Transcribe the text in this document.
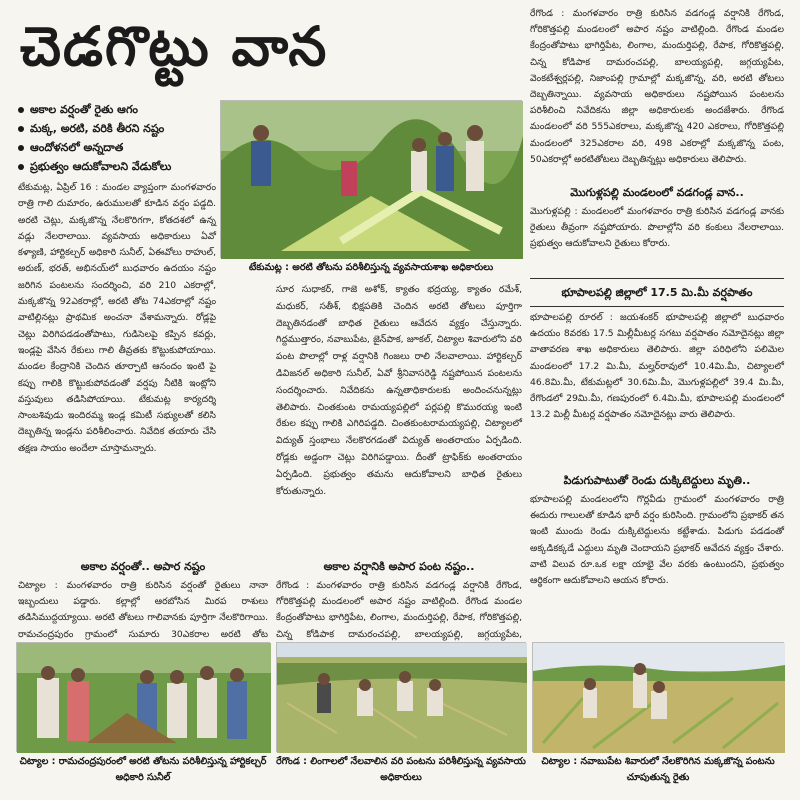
చెడగొట్టు వాన
అకాల వర్షంతో రైతు ఆగం
మక్క, అరటి, వరికి తీరని నష్టం
ఆందోళనలో అన్నదాత
ప్రభుత్వం ఆదుకోవాలని వేడుకోలు
టేకుమట్ల : అరటి తోటను పరిశీలిస్తున్న వ్యవసాయశాఖ అధికారులు
టేకుమట్ల, ఏప్రిల్ 16 : మండల వ్యాప్తంగా మంగళవారం రాత్రి గాలి దుమారం, ఉరుములతో కూడిన వర్షం పడ్డది. అరటి చెట్లు, మక్కజొన్న నేలకొరిగగా, కోతదశలో ఉన్న వడ్లు నేలరాలాయి. వ్యవసాయ అధికారులు ఏవో కళ్యాణి, హార్టికల్చర్ అధికారి సునీల్, ఏఈవోలు రాహుల్, అరుణ్, భరత్, అభినయ్‌లో బుధవారం ఉదయం నష్టం జరిగిన పంటలను సందర్శించి, వరి 210 ఎకరాల్లో, మక్కజొన్న 92ఎకరాల్లో, అరటి తోట 74ఎకరాల్లో నష్టం వాటిల్లినట్లు ప్రాథమిక అంచనా వేశామన్నారు. రోడ్లపై చెట్లు విరిగిపడడంతోపాటు, గుడిసెలపై కప్పిన కవర్లు, ఇండ్లపై వేసిన రేకులు గాలి తీవ్రతకు కొట్టుకుపోయాయి. మండల కేంద్రానికి చెందిన తూర్పాటి ఆనందం ఇంటి పై కప్పు గాలికి కొట్టుకుపోవడంతో వర్షపు నీటికి ఇంట్లోని వస్తువులు తడిసిపోయాయి. టేకుమట్ల కార్యదర్శి సాంబశివుడు ఇందిరమ్మ ఇండ్ల కమిటీ సభ్యులతో కలిసి దెబ్బతిన్న ఇండ్లను పరిశీలించారు. నివేదిక తయారు చేసి తక్షణ సాయం అందేలా చూస్తామన్నారు.
అకాల వర్షంతో.. అపార నష్టం
చిట్యాల : మంగళవారం రాత్రి కురిసిన వర్షంతో రైతులు నానా ఇబ్బందులు పడ్డారు. కల్లాల్లో ఆరబోసిన మిరప రాశులు తడిసిముద్దయ్యాయి. అరటి తోటలు గాలివానకు పూర్తిగా నేలకొరిగాయి. రామచంద్రపురం గ్రామంలో సుమారు 30ఎకరాల అరటి తోట
సూర సుధాకర్, గాజె అశోక్, క్యాతం భద్రయ్య, క్యాతం రమేశ్, మధుకర్, సతీశ్, భిక్షపతికి చెందిన అరటి తోటలు పూర్తిగా దెబ్బతినడంతో బాధిత రైతులు ఆవేదన వ్యక్తం చేస్తున్నారు. గిద్దముత్తారం, నవాబుపేట, జైన్‌పాక, జూకల్, చిట్యాల శివారులోని వరి పంట పొలాల్లో రాళ్ల వర్షానికి గింజలు రాలి నేలవాలాయి. హార్టికల్చర్ డివిజనల్ అధికారి సునీల్, ఏవో శ్రీనివాసరెడ్డి నష్టపోయిన పంటలను సందర్శించారు. నివేదికను ఉన్నతాధికారులకు అందించనున్నట్లు తెలిపారు. చింతకుంట రామయ్యపల్లిలో పర్లపల్లి కొమురయ్య ఇంటి రేకుల కప్పు గాలికి ఎగిరిపడ్డది. చింతకుంటరామయ్యపల్లి, చిట్యాలలో విద్యుత్ స్తంభాలు నేలకొరగడంతో విద్యుత్ అంతరాయం ఏర్పడింది. రోడ్లకు అడ్డంగా చెట్లు విరిగిపడ్డాయి. దీంతో ట్రాఫిక్‌కు అంతరాయం ఏర్పడింది. ప్రభుత్వం తమను ఆదుకోవాలని బాధిత రైతులు కోరుతున్నారు.
అకాల వర్షానికి అపార పంట నష్టం..
రేగొండ : మంగళవారం రాత్రి కురిసిన వడగండ్ల వర్షానికి రేగొండ, గోరికొత్తపల్లి మండలంలో అపార నష్టం వాటిల్లింది. రేగొండ మండల కేంద్రంతోపాటు భాగిర్తిపేట, లింగాల, మందుర్తిపల్లి, రేపాక, గోరికొత్తపల్లి, చిన్న కోడిపాక దామరంచపల్లి, బాలయ్యపల్లి, జగ్గయ్యపేట,
రేగొండ : మంగళవారం రాత్రి కురిసిన వడగండ్ల వర్షానికి రేగొండ, గోరికొత్తపల్లి మండలంలో అపార నష్టం వాటిల్లింది. రేగొండ మండల కేంద్రంతోపాటు భాగిర్తిపేట, లింగాల, మందుర్తిపల్లి, రేపాక, గోరికొత్తపల్లి, చిన్న కోడిపాక దామరంచపల్లి, బాలయ్యపల్లి, జగ్గయ్యపేట, వెంకటేశ్వర్లపల్లి, నిజాంపల్లి గ్రామాల్లో మక్కజొన్న, వరి, అరటి తోటలు దెబ్బతిన్నాయి. వ్యవసాయ అధికారులు నష్టపోయిన పంటలను పరిశీలించి నివేదికను జిల్లా అధికారులకు అందజేశారు. రేగొండ మండలంలో వరి 555ఎకరాలు, మక్కజొన్న 420 ఎకరాలు, గోరికొత్తపల్లి మండలంలో 325ఎకరాల వరి, 498 ఎకరాల్లో మక్కజొన్న పంట, 50ఎకరాల్లో అరటితోటలు దెబ్బతిన్నట్లు అధికారులు తెలిపారు.
మొగుళ్లపల్లి మండలంలో వడగండ్ల వాన..
మొగుళ్లపల్లి : మండలంలో మంగళవారం రాత్రి కురిసిన వడగండ్ల వానకు రైతులు తీవ్రంగా నష్టపోయారు. పొలాల్లోని వరి కంకులు నేలరాలాయి. ప్రభుత్వం ఆదుకోవాలని రైతులు కోరారు.
భూపాలపల్లి జిల్లాలో 17.5 మి.మీ వర్షపాతం
భూపాలపల్లి రూరల్ : జయశంకర్ భూపాలపల్లి జిల్లాలో బుధవారం ఉదయం 8వరకు 17.5 మిల్లీమీటర్ల సగటు వర్షపాతం నమోదైనట్లు జిల్లా వాతావరణ శాఖ అధికారులు తెలిపారు. జిల్లా పరిధిలోని పలిమెల మండలంలో 17.2 మి.మీ, మల్హర్‌రావులో 10.4మి.మీ, చిట్యాలలో 46.8మి.మీ, టేకుమట్లలో 30.6మి.మీ, మొగుళ్లపల్లిలో 39.4 మి.మీ, రేగొండలో 29మి.మీ, గణపురంలో 6.4మి.మీ, భూపాలపల్లి మండలంలో 13.2 మిల్లీ మీటర్ల వర్షపాతం నమోదైనట్లు వారు తెలిపారు.
పిడుగుపాటుతో రెండు దుక్కిటెద్దులు మృతి..
భూపాలపల్లి మండలంలోని గొర్లవీడు గ్రామంలో మంగళవారం రాత్రి ఈదురు గాలులతో కూడిన భారీ వర్షం కురిసింది. గ్రామంలోని ప్రభాకర్ తన ఇంటి ముందు రెండు దుక్కిటెద్దులను కట్టేశాడు. పిడుగు పడడంతో అక్కడికక్కడే ఎద్దులు మృతి చెందాయని ప్రభాకర్ ఆవేదన వ్యక్తం చేశారు. వాటి విలువ రూ.ఒక లక్షా యాభై వేల వరకు ఉంటుందని, ప్రభుత్వం ఆర్థికంగా ఆదుకోవాలని ఆయన కోరారు.
చిట్యాల : రామచంద్రపురంలో అరటి తోటను పరిశీలిస్తున్న హార్టికల్చర్ అధికారి సునీల్
రేగొండ : లింగాలలో నేలవాలిన వరి పంటను పరిశీలిస్తున్న వ్యవసాయ అధికారులు
చిట్యాల : నవాబుపేట శివారులో నేలకొరిగిన మక్కజొన్న పంటను చూపుతున్న రైతు
